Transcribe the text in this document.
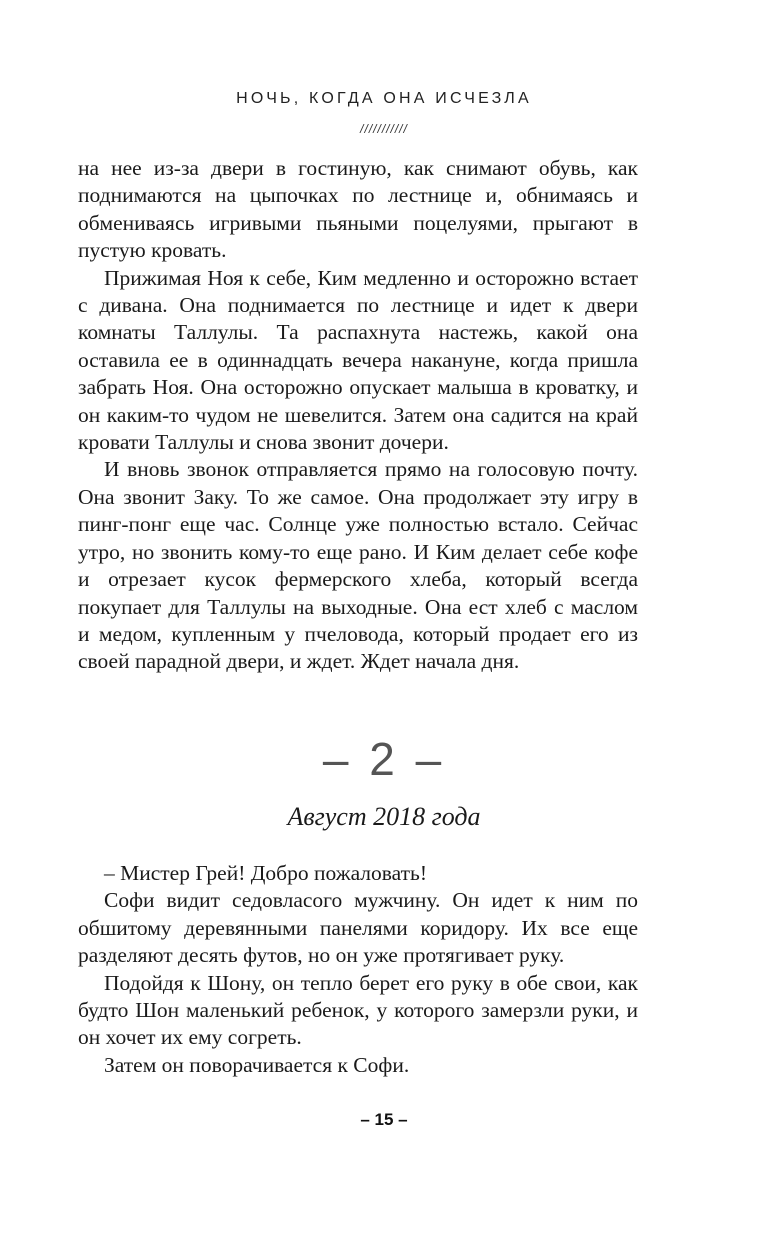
НОЧЬ, КОГДА ОНА ИСЧЕЗЛА
///////////

на нее из-за двери в гостиную, как снимают обувь, как поднимаются на цыпочках по лестнице и, обнимаясь и обмениваясь игривыми пьяными поцелуями, прыгают в пустую кровать.

Прижимая Ноя к себе, Ким медленно и осторожно встает с дивана. Она поднимается по лестнице и идет к двери комнаты Таллулы. Та распахнута настежь, какой она оставила ее в одиннадцать вечера накануне, когда пришла забрать Ноя. Она осторожно опускает малыша в кроватку, и он каким-то чудом не шевелится. Затем она садится на край кровати Таллулы и снова звонит дочери.

И вновь звонок отправляется прямо на голосовую почту. Она звонит Заку. То же самое. Она продолжает эту игру в пинг-понг еще час. Солнце уже полностью встало. Сейчас утро, но звонить кому-то еще рано. И Ким делает себе кофе и отрезает кусок фермерского хлеба, который всегда покупает для Таллулы на выходные. Она ест хлеб с маслом и медом, купленным у пчеловода, который продает его из своей парадной двери, и ждет. Ждет начала дня.

– 2 –
Август 2018 года

– Мистер Грей! Добро пожаловать!

Софи видит седовласого мужчину. Он идет к ним по обшитому деревянными панелями коридору. Их все еще разделяют десять футов, но он уже протягивает руку.

Подойдя к Шону, он тепло берет его руку в обе свои, как будто Шон маленький ребенок, у которого замерзли руки, и он хочет их ему согреть.

Затем он поворачивается к Софи.

– 15 –
